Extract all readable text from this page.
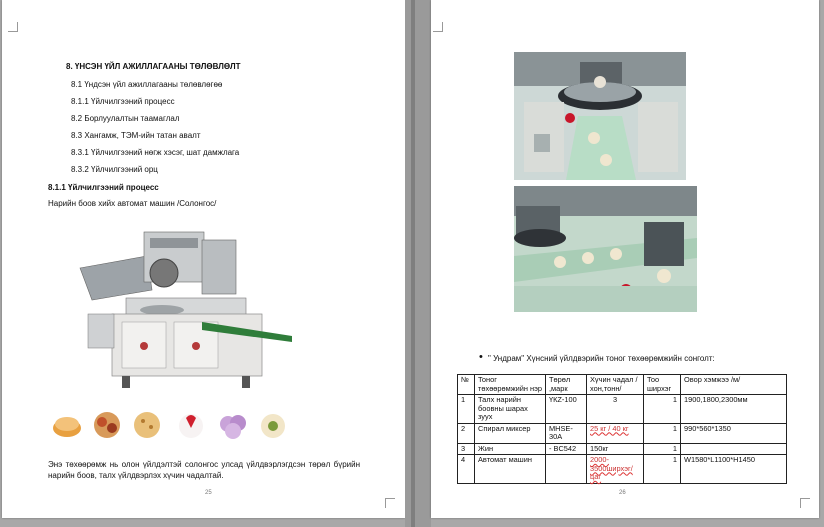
8. ҮНСЭН ҮЙЛ АЖИЛЛАГААНЫ ТӨЛӨВЛӨЛТ
8.1 Үндсэн үйл ажиллагааны төлөвлөгөө
8.1.1 Үйлчилгээний процесс
8.2 Борлуулалтын таамаглал
8.3 Хангамж, ТЭМ-ийн татан авалт
8.3.1 Үйлчилгээний нөгж хэсэг, шат дамжлага
8.3.2 Үйлчилгээний орц
8.1.1 Үйлчилгээний процесс
Нарийн боов хийх автомат машин /Солонгос/
Энэ төхөөрөмж нь олон үйлдэлтэй солонгос улсад үйлдвэрлэгдсэн төрөл бүрийн нарийн боов, талх үйлдвэрлэх хүчин чадалтай.
25
• " Ундрам" Хүнсний үйлдвэрийн тоног төхөөрөмжийн сонголт:
№	Тоног төхөөрөмжийн нэр	Төрөл ,марк	Хүчин чадал /хон,тонн/	Тоо ширхэг	Овор хэмжээ /м/
1	Талх нарийн боовны шарах зуух	ҮКZ-100	3	1	1900,1800,2300мм
2	Спирал миксер	MHSE-30A	25 кг / 40 кг	1	990*560*1350
3	Жин	- BC542	150кг	1	
4	Автомат машин		2000-3500ширхэг/цаг	1	W1580*L1100*H1450
26
